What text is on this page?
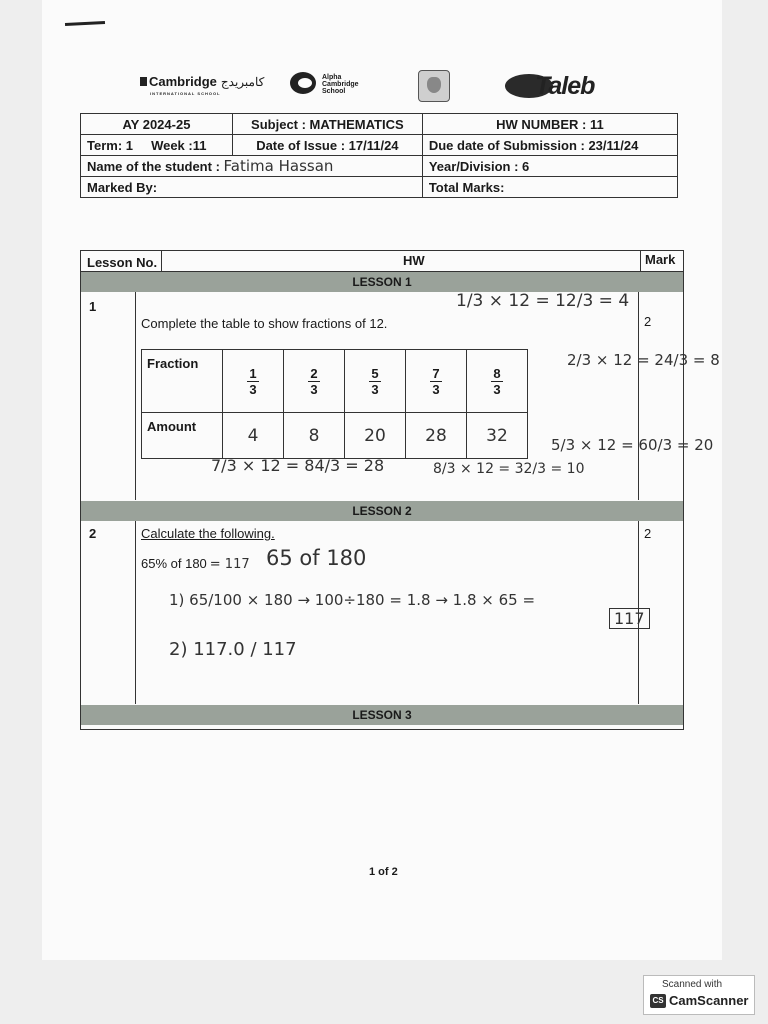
Cambridge كامبريدج
INTERNATIONAL SCHOOL
Alpha
Cambridge
School	Taleb
AY 2024-25	Subject : MATHEMATICS	HW NUMBER : 11
Term: 1 Week :11	Date of Issue : 17/11/24	Due date of Submission : 23/11/24
Name of the student : Fatima Hassan		Year/Division : 6
Marked By:		Total Marks:
Lesson No.	HW	Mark
LESSON 1
1
2
Complete the table to show fractions of 12.
Fraction	$\frac{1}{3}$	$\frac{2}{3}$	$\frac{5}{3}$	$\frac{7}{3}$	$\frac{8}{3}$

Amount	4	8	20	28	32
1/3 × 12 = 12/3 = 4
2/3 × 12 = 24/3 = 8
5/3 × 12 = 60/3 = 20
7/3 × 12 = 84/3 = 28	8/3 × 12 = 32/3 = 10
LESSON 2
2	2
Calculate the following.
65% of 180 = 117 65 of 180
1) 65/100 × 180 → 100÷180 = 1.8 → 1.8 × 65 =
117
2) 117.0 / 117
LESSON 3
1 of 2
Scanned with
CS CamScanner
